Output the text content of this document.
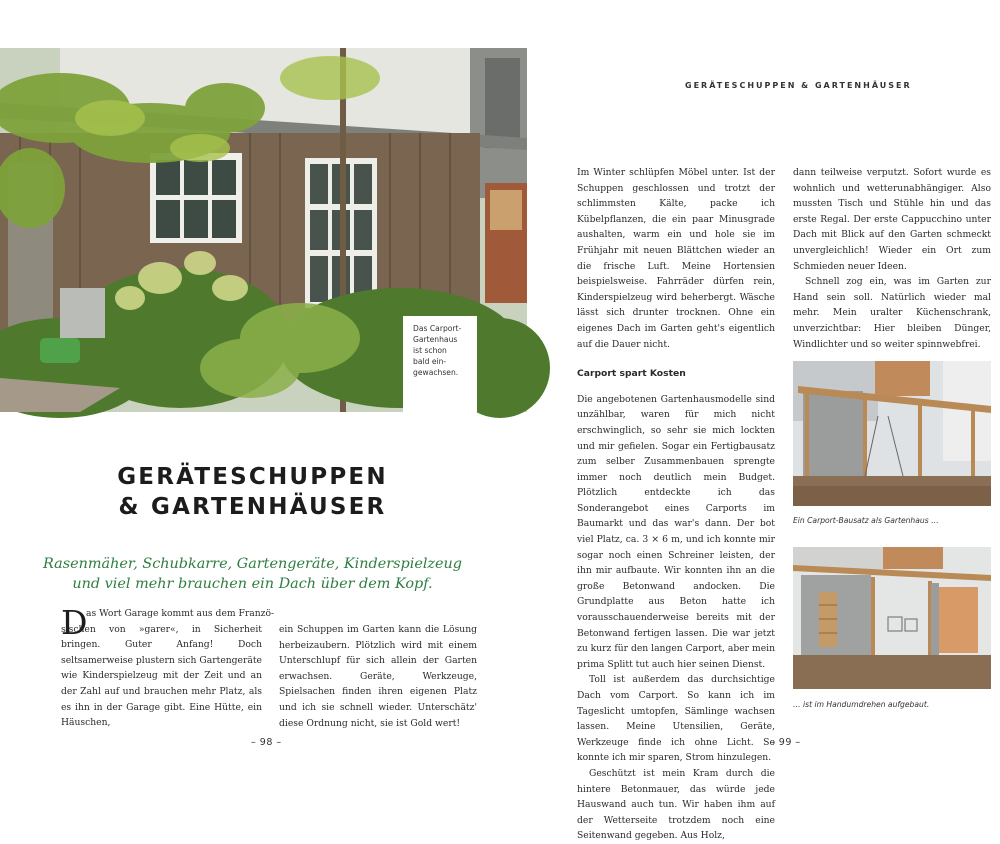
Das Carport-

Gartenhaus

ist schon

bald ein-

gewachsen.

GERÄTESCHUPPEN
& GARTENHÄUSER
Rasenmäher, Schubkarre, Gartengeräte, Kinderspielzeug
und viel mehr brauchen ein Dach über dem Kopf.
D
as Wort Garage kommt aus dem Franzö-
sischen von »garer«, in Sicherheit bringen. Guter Anfang! Doch seltsamerweise plustern sich Gartengeräte wie Kinderspielzeug mit der Zeit und an der Zahl auf und brauchen mehr Platz, als es ihn in der Garage gibt. Eine Hütte, ein Häuschen,

ein Schuppen im Garten kann die Lösung herbeizaubern. Plötzlich wird mit einem Unterschlupf für sich allein der Garten erwachsen. Geräte, Werkzeuge, Spielsachen finden ihren eigenen Platz und ich sie schnell wieder. Unterschätz' diese Ordnung nicht, sie ist Gold wert!

– 98 –
GERÄTESCHUPPEN & GARTENHÄUSER

Im Winter schlüpfen Möbel unter. Ist der Schuppen geschlossen und trotzt der schlimmsten Kälte, packe ich Kübelpflanzen, die ein paar Minusgrade aushalten, warm ein und hole sie im Frühjahr mit neuen Blättchen wieder an die frische Luft. Meine Hortensien beispielsweise. Fahrräder dürfen rein, Kinderspielzeug wird beherbergt. Wäsche lässt sich drunter trocknen. Ohne ein eigenes Dach im Garten geht's eigentlich auf die Dauer nicht.

Carport spart Kosten

Die angebotenen Gartenhausmodelle sind unzählbar, waren für mich nicht erschwinglich, so sehr sie mich lockten und mir gefielen. Sogar ein Fertigbausatz zum selber Zusammenbauen sprengte immer noch deutlich mein Budget. Plötzlich entdeckte ich das Sonderangebot eines Carports im Baumarkt und das war's dann. Der bot viel Platz, ca. 3 × 6 m, und ich konnte mir sogar noch einen Schreiner leisten, der ihn mir aufbaute. Wir konnten ihn an die große Betonwand andocken. Die Grundplatte aus Beton hatte ich vorausschauenderweise bereits mit der Betonwand fertigen lassen. Die war jetzt zu kurz für den langen Carport, aber mein prima Splitt tut auch hier seinen Dienst.

Toll ist außerdem das durchsichtige Dach vom Carport. So kann ich im Tageslicht umtopfen, Sämlinge wachsen lassen. Meine Utensilien, Geräte, Werkzeuge finde ich ohne Licht. So konnte ich mir sparen, Strom hinzulegen.

Geschützt ist mein Kram durch die hintere Betonmauer, das würde jede Hauswand auch tun. Wir haben ihm auf der Wetterseite trotzdem noch eine Seitenwand gegeben. Aus Holz,

dann teilweise verputzt. Sofort wurde es wohnlich und wetterunabhängiger. Also mussten Tisch und Stühle hin und das erste Regal. Der erste Cappucchino unter Dach mit Blick auf den Garten schmeckt unvergleichlich! Wieder ein Ort zum Schmieden neuer Ideen.

Schnell zog ein, was im Garten zur Hand sein soll. Natürlich wieder mal mehr. Mein uralter Küchenschrank, unverzichtbar: Hier bleiben Dünger, Windlichter und so weiter spinnwebfrei.

Ein Carport-Bausatz als Gartenhaus …
… ist im Handumdrehen aufgebaut.
– 99 –
